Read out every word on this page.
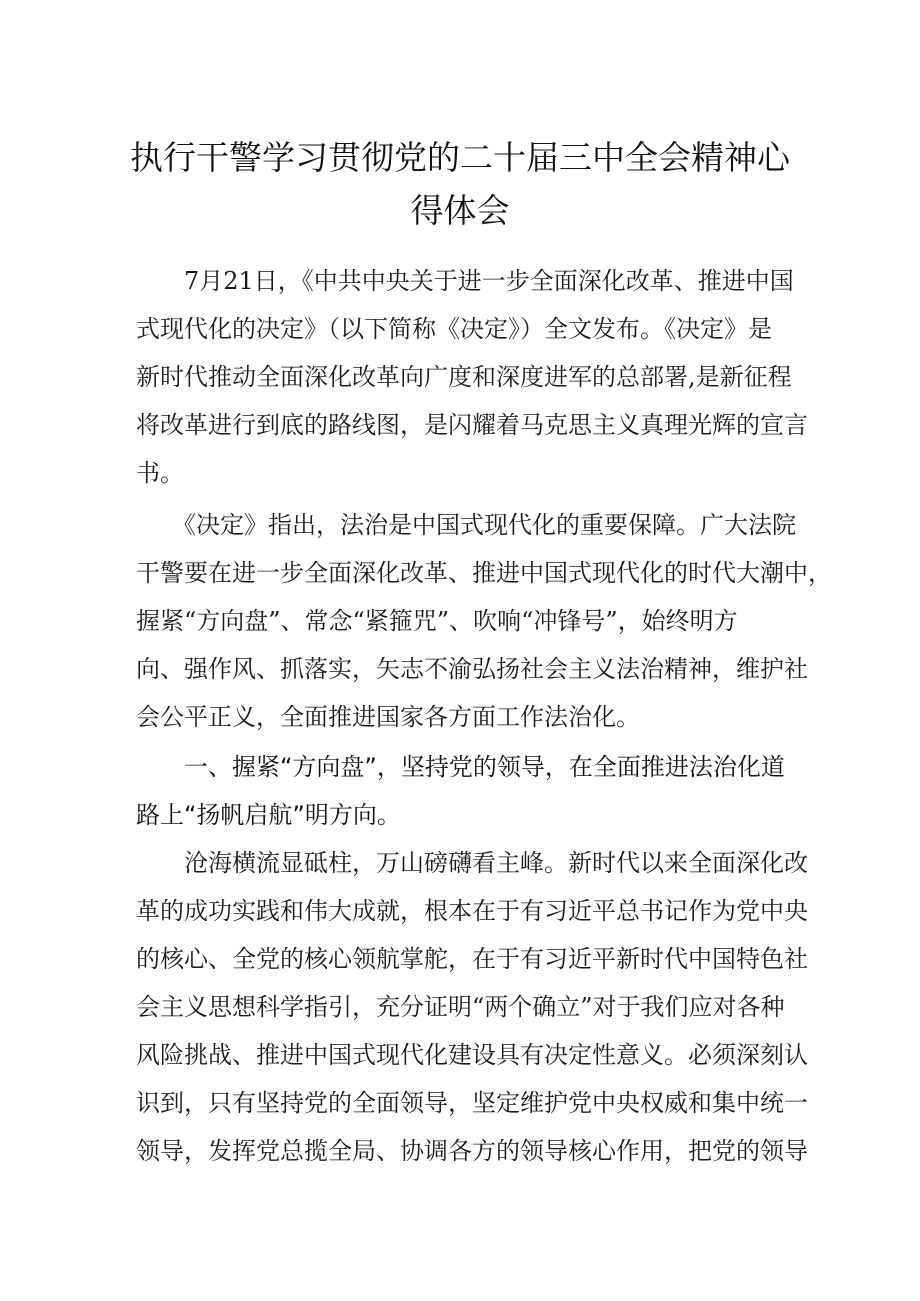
执行干警学习贯彻党的二十届三中全会精神心
得体会
7月21日，《中共中央关于进一步全面深化改革、推进中国
式现代化的决定》（以下简称《决定》）全文发布。《决定》是
新时代推动全面深化改革向广度和深度进军的总部署,是新征程
将改革进行到底的路线图，是闪耀着马克思主义真理光辉的宣言
书。
《决定》指出，法治是中国式现代化的重要保障。广大法院
干警要在进一步全面深化改革、推进中国式现代化的时代大潮中，
握紧“方向盘”、常念“紧箍咒”、吹响“冲锋号”，始终明方
向、强作风、抓落实，矢志不渝弘扬社会主义法治精神，维护社
会公平正义，全面推进国家各方面工作法治化。
一、握紧“方向盘”，坚持党的领导，在全面推进法治化道
路上“扬帆启航”明方向。
沧海横流显砥柱，万山磅礴看主峰。新时代以来全面深化改
革的成功实践和伟大成就，根本在于有习近平总书记作为党中央
的核心、全党的核心领航掌舵，在于有习近平新时代中国特色社
会主义思想科学指引，充分证明“两个确立”对于我们应对各种
风险挑战、推进中国式现代化建设具有决定性意义。必须深刻认
识到，只有坚持党的全面领导，坚定维护党中央权威和集中统一
领导，发挥党总揽全局、协调各方的领导核心作用，把党的领导
